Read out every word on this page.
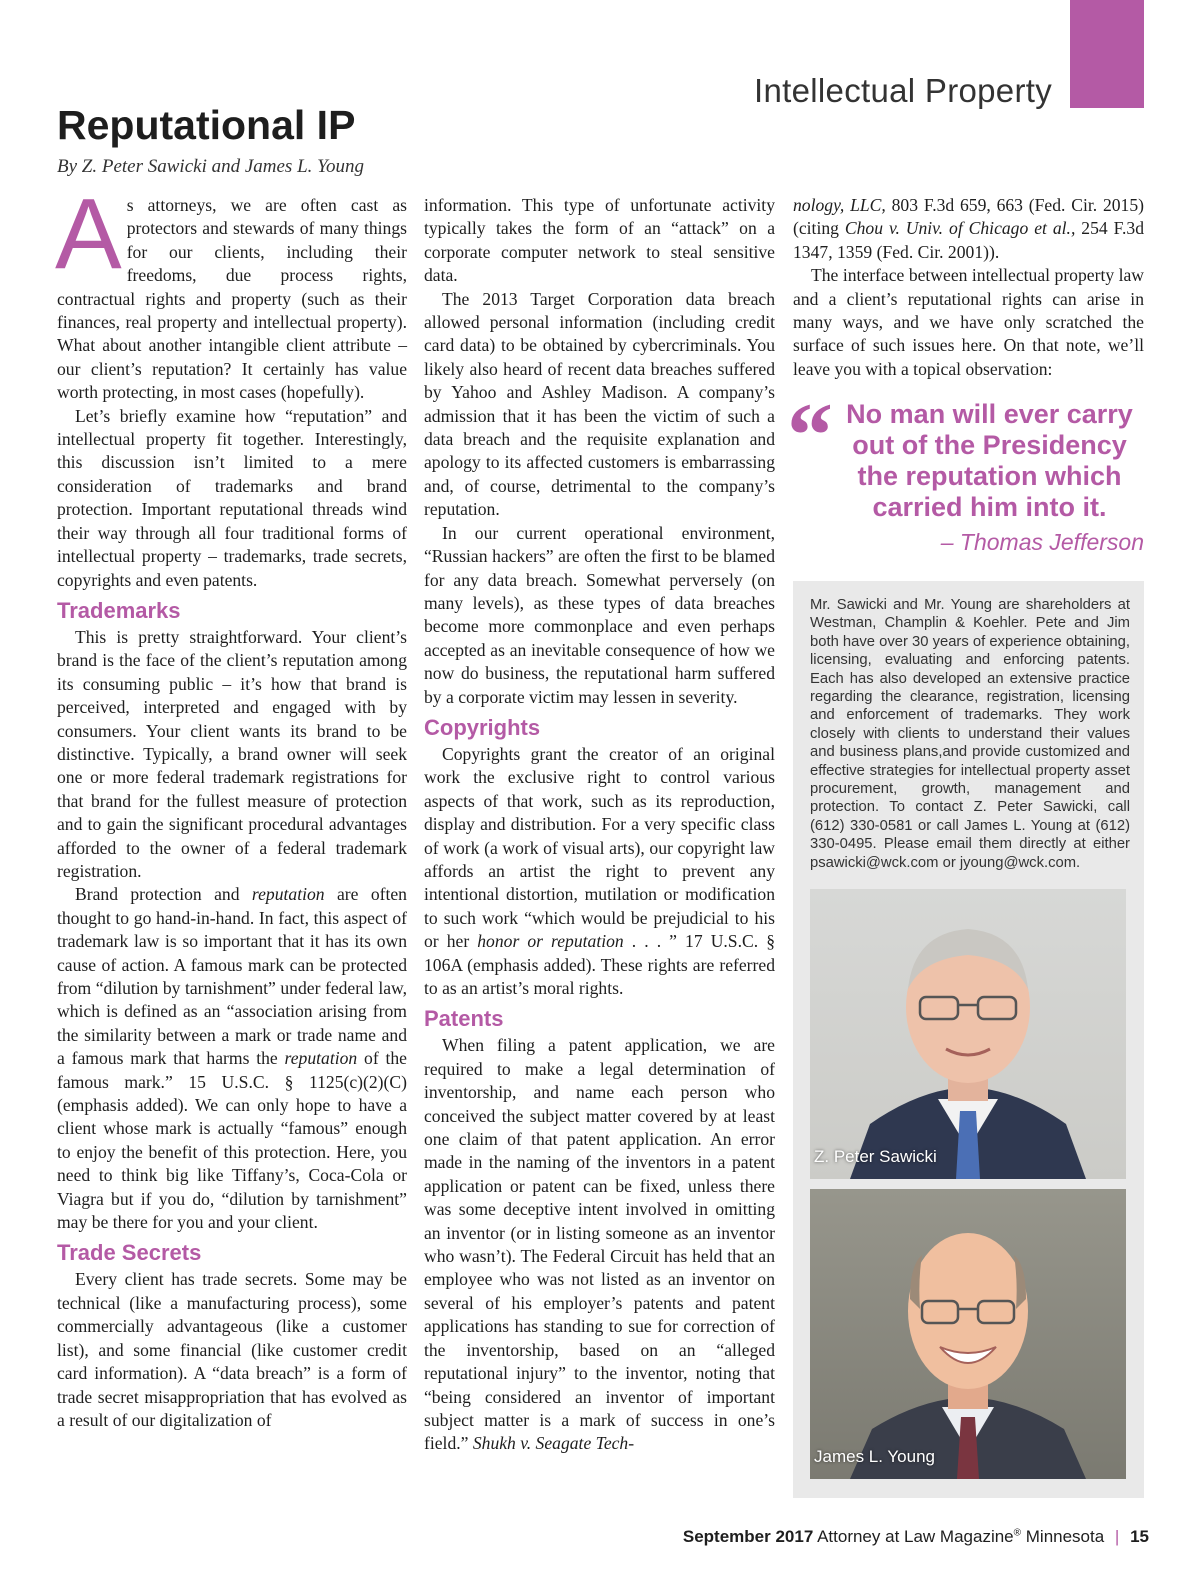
Intellectual Property
Reputational IP
By Z. Peter Sawicki and James L. Young

As attorneys, we are often cast as protectors and stewards of many things for our clients, including their freedoms, due process rights, contractual rights and property (such as their finances, real property and intellectual property). What about another intangible client attribute – our client’s reputation? It certainly has value worth protecting, in most cases (hopefully).

Let’s briefly examine how “reputation” and intellectual property fit together. Interestingly, this discussion isn’t limited to a mere consideration of trademarks and brand protection. Important reputational threads wind their way through all four traditional forms of intellectual property – trademarks, trade secrets, copyrights and even patents.

Trademarks

This is pretty straightforward. Your client’s brand is the face of the client’s reputation among its consuming public – it’s how that brand is perceived, interpreted and engaged with by consumers. Your client wants its brand to be distinctive. Typically, a brand owner will seek one or more federal trademark registrations for that brand for the fullest measure of protection and to gain the significant procedural advantages afforded to the owner of a federal trademark registration.

Brand protection and reputation are often thought to go hand-in-hand. In fact, this aspect of trademark law is so important that it has its own cause of action. A famous mark can be protected from “dilution by tarnishment” under federal law, which is defined as an “association arising from the similarity between a mark or trade name and a famous mark that harms the reputation of the famous mark.” 15 U.S.C. § 1125(c)(2)(C) (emphasis added). We can only hope to have a client whose mark is actually “famous” enough to enjoy the benefit of this protection. Here, you need to think big like Tiffany’s, Coca-Cola or Viagra but if you do, “dilution by tarnishment” may be there for you and your client.

Trade Secrets

Every client has trade secrets. Some may be technical (like a manufacturing process), some commercially advantageous (like a customer list), and some financial (like customer credit card information). A “data breach” is a form of trade secret misappropriation that has evolved as a result of our digitalization of

information. This type of unfortunate activity typically takes the form of an “attack” on a corporate computer network to steal sensitive data.

The 2013 Target Corporation data breach allowed personal information (including credit card data) to be obtained by cybercriminals. You likely also heard of recent data breaches suffered by Yahoo and Ashley Madison. A company’s admission that it has been the victim of such a data breach and the requisite explanation and apology to its affected customers is embarrassing and, of course, detrimental to the company’s reputation.

In our current operational environment, “Russian hackers” are often the first to be blamed for any data breach. Somewhat perversely (on many levels), as these types of data breaches become more commonplace and even perhaps accepted as an inevitable consequence of how we now do business, the reputational harm suffered by a corporate victim may lessen in severity.

Copyrights

Copyrights grant the creator of an original work the exclusive right to control various aspects of that work, such as its reproduction, display and distribution. For a very specific class of work (a work of visual arts), our copyright law affords an artist the right to prevent any intentional distortion, mutilation or modification to such work “which would be prejudicial to his or her honor or reputation . . . ” 17 U.S.C. § 106A (emphasis added). These rights are referred to as an artist’s moral rights.

Patents

When filing a patent application, we are required to make a legal determination of inventorship, and name each person who conceived the subject matter covered by at least one claim of that patent application. An error made in the naming of the inventors in a patent application or patent can be fixed, unless there was some deceptive intent involved in omitting an inventor (or in listing someone as an inventor who wasn’t). The Federal Circuit has held that an employee who was not listed as an inventor on several of his employer’s patents and patent applications has standing to sue for correction of the inventorship, based on an “alleged reputational injury” to the inventor, noting that “being considered an inventor of important subject matter is a mark of success in one’s field.” Shukh v. Seagate Tech-

nology, LLC, 803 F.3d 659, 663 (Fed. Cir. 2015) (citing Chou v. Univ. of Chicago et al., 254 F.3d 1347, 1359 (Fed. Cir. 2001)).

The interface between intellectual property law and a client’s reputational rights can arise in many ways, and we have only scratched the surface of such issues here. On that note, we’ll leave you with a topical observation:

“ No man will ever carry out of the Presidency the reputation which carried him into it.
– Thomas Jefferson
Mr. Sawicki and Mr. Young are shareholders at Westman, Champlin & Koehler. Pete and Jim both have over 30 years of experience obtaining, licensing, evaluating and enforcing patents. Each has also developed an extensive practice regarding the clearance, registration, licensing and enforcement of trademarks. They work closely with clients to understand their values and business plans,and provide customized and effective strategies for intellectual property asset procurement, growth, management and protection. To contact Z. Peter Sawicki, call (612) 330-0581 or call James L. Young at (612) 330-0495. Please email them directly at either psawicki@wck.com or jyoung@wck.com.
Z. Peter Sawicki
James L. Young
September 2017 Attorney at Law Magazine® Minnesota | 15
